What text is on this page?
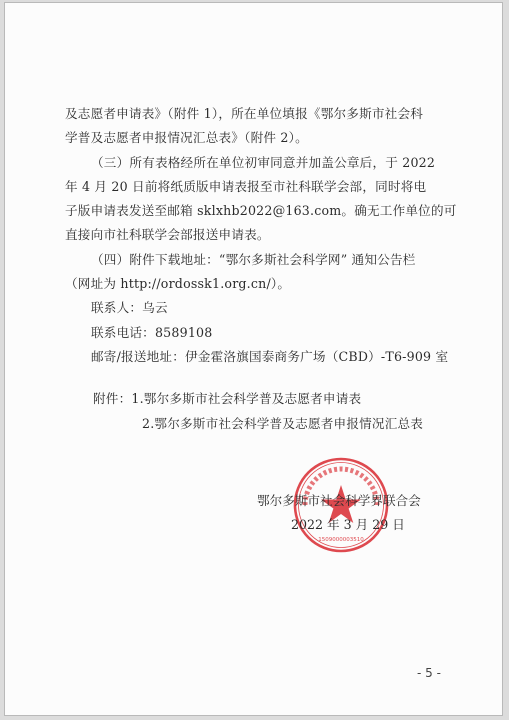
及志愿者申请表》（附件 1），所在单位填报《鄂尔多斯市社会科
学普及志愿者申报情况汇总表》（附件 2）。
（三）所有表格经所在单位初审同意并加盖公章后，于 2022
年 4 月 20 日前将纸质版申请表报至市社科联学会部，同时将电
子版申请表发送至邮箱 sklxhb2022@163.com。确无工作单位的可
直接向市社科联学会部报送申请表。
（四）附件下载地址：“鄂尔多斯社会科学网” 通知公告栏
（网址为 http://ordossk1.org.cn/）。
联系人：乌云
联系电话：8589108
邮寄/报送地址：伊金霍洛旗国泰商务广场（CBD）-T6-909 室
附件：1.鄂尔多斯市社会科学普及志愿者申请表
2.鄂尔多斯市社会科学普及志愿者申报情况汇总表
1509000003510
鄂尔多斯市社会科学界联合会
2022 年 3 月 29 日
- 5 -
